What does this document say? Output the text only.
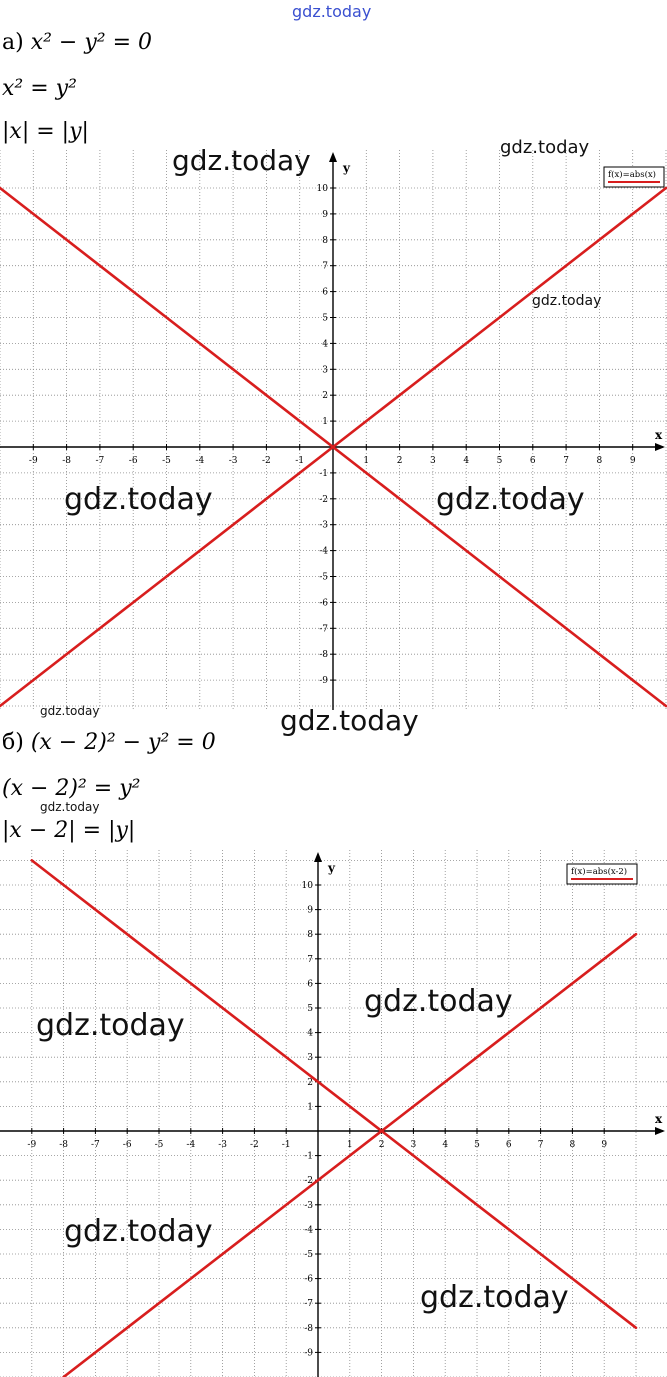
gdz.today
а) x² − y² = 0
x² = y²
|x| = |y|
x
y
-9	-8	-7	-6	-5	-4	-3	-2	-1	1	2	3	4	5	6	7	8	9
-9
-8
-7
-6
-5
-4
-3
-2
-1
1
2
3
4
5
6
7
8
9
10
f(x)=abs(x)
б) (x − 2)² − y² = 0
(x − 2)² = y²
|x − 2| = |y|
x
y
-9	-8	-7	-6	-5	-4	-3	-2	-1	1	2	3	4	5	6	7	8	9
-9
-8
-7
-6
-5
-4
-3
-2
-1
1
2
3
4
5
6
7
8
9
10
f(x)=abs(x-2)
gdz.today	gdz.today
gdz.today
gdz.today	gdz.today
gdz.today	gdz.today
gdz.today
gdz.today
gdz.today
gdz.today
gdz.today
